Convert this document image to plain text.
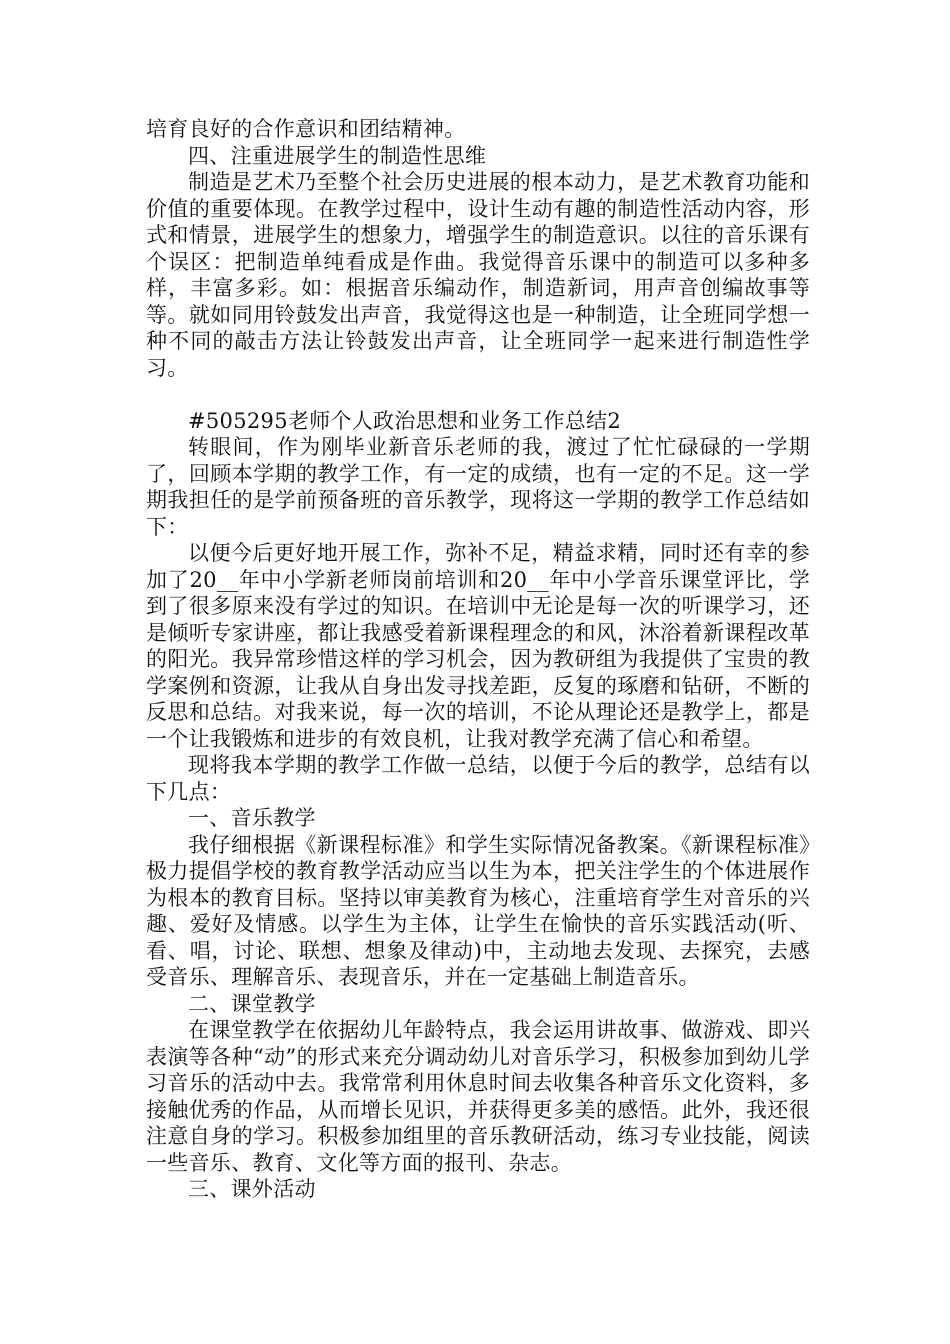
培育良好的合作意识和团结精神。

四、注重进展学生的制造性思维

制造是艺术乃至整个社会历史进展的根本动力，是艺术教育功能和价值的重要体现。在教学过程中，设计生动有趣的制造性活动内容，形式和情景，进展学生的想象力，增强学生的制造意识。以往的音乐课有个误区：把制造单纯看成是作曲。我觉得音乐课中的制造可以多种多样，丰富多彩。如：根据音乐编动作，制造新词，用声音创编故事等等。就如同用铃鼓发出声音，我觉得这也是一种制造，让全班同学想一种不同的敲击方法让铃鼓发出声音，让全班同学一起来进行制造性学习。

#505295老师个人政治思想和业务工作总结2

转眼间，作为刚毕业新音乐老师的我，渡过了忙忙碌碌的一学期了，回顾本学期的教学工作，有一定的成绩，也有一定的不足。这一学期我担任的是学前预备班的音乐教学，现将这一学期的教学工作总结如下：

以便今后更好地开展工作，弥补不足，精益求精，同时还有幸的参加了20__年中小学新老师岗前培训和20__年中小学音乐课堂评比，学到了很多原来没有学过的知识。在培训中无论是每一次的听课学习，还是倾听专家讲座，都让我感受着新课程理念的和风，沐浴着新课程改革的阳光。我异常珍惜这样的学习机会，因为教研组为我提供了宝贵的教学案例和资源，让我从自身出发寻找差距，反复的琢磨和钻研，不断的反思和总结。对我来说，每一次的培训，不论从理论还是教学上，都是一个让我锻炼和进步的有效良机，让我对教学充满了信心和希望。

现将我本学期的教学工作做一总结，以便于今后的教学，总结有以下几点：

一、音乐教学

我仔细根据《新课程标准》和学生实际情况备教案。《新课程标准》极力提倡学校的教育教学活动应当以生为本，把关注学生的个体进展作为根本的教育目标。坚持以审美教育为核心，注重培育学生对音乐的兴趣、爱好及情感。以学生为主体，让学生在愉快的音乐实践活动(听、看、唱，讨论、联想、想象及律动)中，主动地去发现、去探究，去感受音乐、理解音乐、表现音乐，并在一定基础上制造音乐。

二、课堂教学

在课堂教学在依据幼儿年龄特点，我会运用讲故事、做游戏、即兴表演等各种“动”的形式来充分调动幼儿对音乐学习，积极参加到幼儿学习音乐的活动中去。我常常利用休息时间去收集各种音乐文化资料，多接触优秀的作品，从而增长见识，并获得更多美的感悟。此外，我还很注意自身的学习。积极参加组里的音乐教研活动，练习专业技能，阅读一些音乐、教育、文化等方面的报刊、杂志。

三、课外活动
